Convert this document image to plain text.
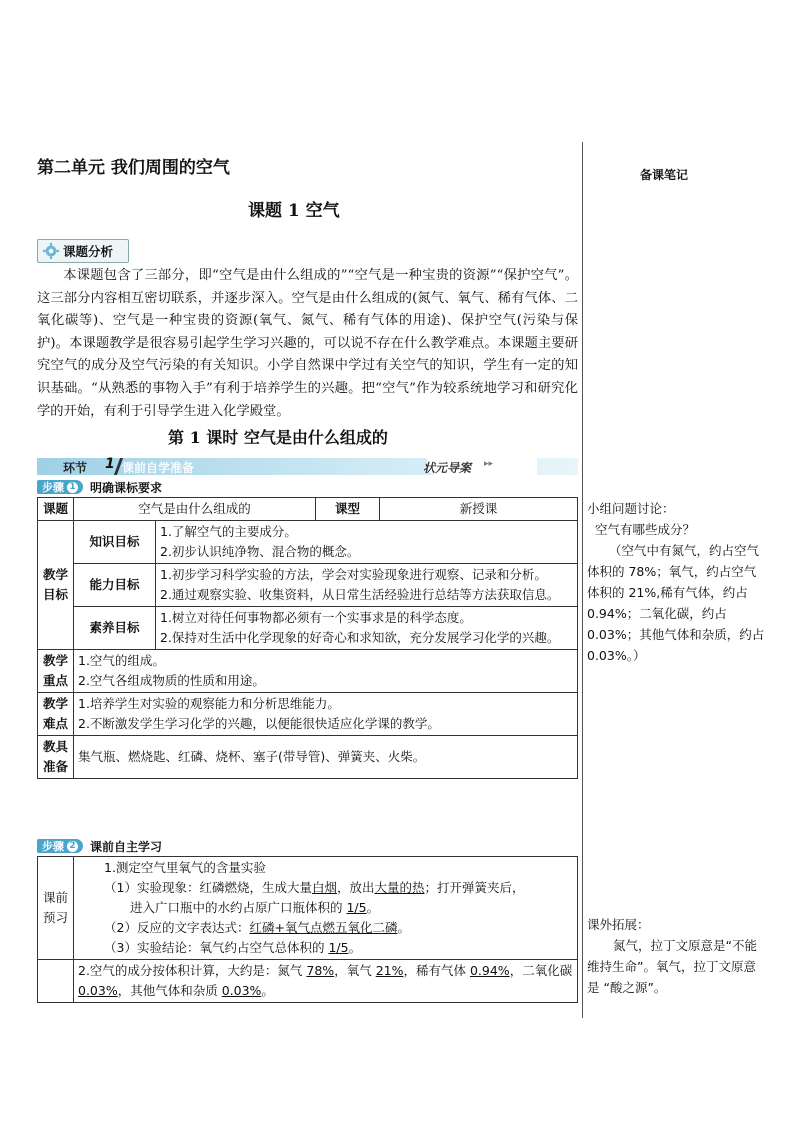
第二单元 我们周围的空气
课题 1 空气
课题分析
本课题包含了三部分，即“空气是由什么组成的”“空气是一种宝贵的资源”“保护空气”。这三部分内容相互密切联系，并逐步深入。空气是由什么组成的(氮气、氧气、稀有气体、二氧化碳等)、空气是一种宝贵的资源(氧气、氮气、稀有气体的用途)、保护空气(污染与保护)。本课题教学是很容易引起学生学习兴趣的，可以说不存在什么教学难点。本课题主要研究空气的成分及空气污染的有关知识。小学自然课中学过有关空气的知识，学生有一定的知识基础。“从熟悉的事物入手”有利于培养学生的兴趣。把“空气”作为较系统地学习和研究化学的开始，有利于引导学生进入化学殿堂。
第 1 课时 空气是由什么组成的
环节 1 课前自学准备	状元导案 ▸▸
步骤 1 明确课标要求
课题	空气是由什么组成的		课型	新授课
教学目标	知识目标	1.了解空气的主要成分。
2.初步认识纯净物、混合物的概念。		

	能力目标	1.初步学习科学实验的方法，学会对实验现象进行观察、记录和分析。
2.通过观察实验、收集资料，从日常生活经验进行总结等方法获取信息。		

	素养目标	1.树立对待任何事物都必须有一个实事求是的科学态度。
2.保持对生活中化学现象的好奇心和求知欲，充分发展学习化学的兴趣。		

教学重点	1.空气的组成。
2.空气各组成物质的性质和用途。			

教学难点	1.培养学生对实验的观察能力和分析思维能力。
2.不断激发学生学习化学的兴趣，以便能很快适应化学课的教学。			

教具准备	集气瓶、燃烧匙、红磷、烧杯、塞子(带导管)、弹簧夹、火柴。			
步骤 2 课前自主学习
课前预习	1.测定空气里氧气的含量实验
（1）实验现象：红磷燃烧，生成大量白烟，放出大量的热；打开弹簧夹后，
进入广口瓶中的水约占原广口瓶体积的 1/5。
（2）反应的文字表达式：红磷+氧气点燃五氧化二磷。
（3）实验结论：氧气约占空气总体积的 1/5。

	2.空气的成分按体积计算，大约是：氮气 78%，氧气 21%，稀有气体 0.94%，二氧化碳 0.03%，其他气体和杂质 0.03%。
备课笔记
小组问题讨论：
空气有哪些成分？
（空气中有氮气，约占空气体积的 78%；氧气，约占空气体积的 21%,稀有气体，约占 0.94%；二氧化碳，约占 0.03%；其他气体和杂质，约占 0.03%。）
课外拓展：
氮气，拉丁文原意是“不能维持生命”。氧气，拉丁文原意是 “酸之源”。
